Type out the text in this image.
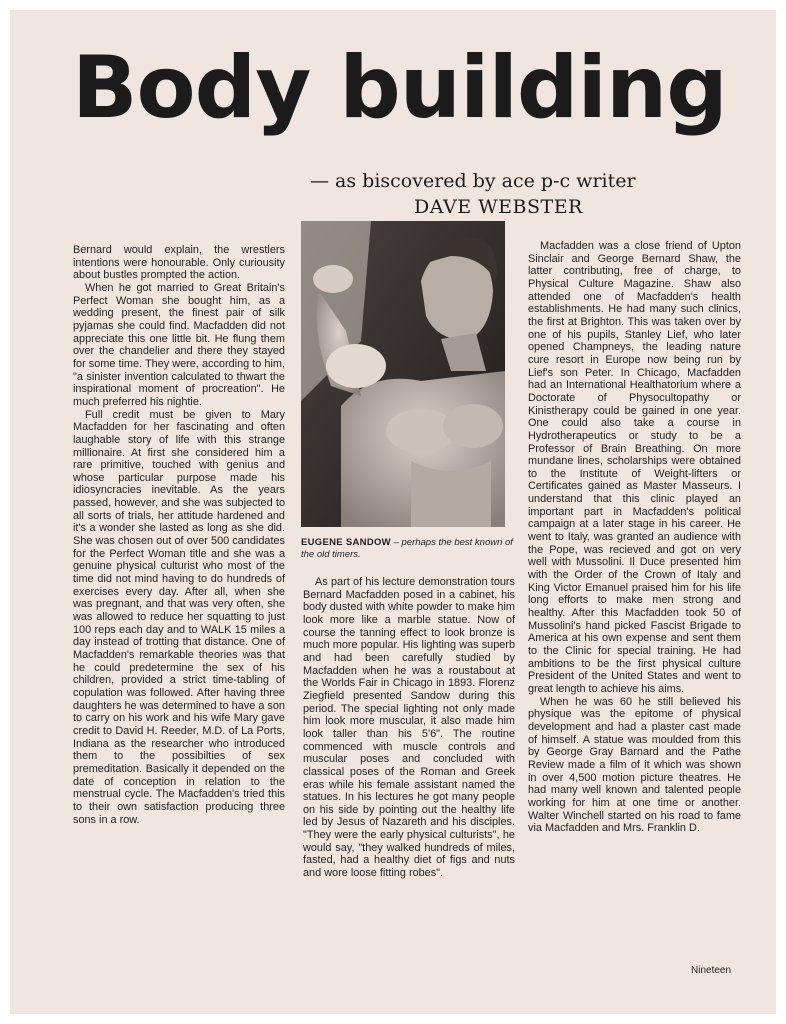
Body building
— as biscovered by ace p-c writer
DAVE WEBSTER

Bernard would explain, the wrestlers intentions were honourable. Only curiousity about bustles prompted the action.

When he got married to Great Britain's Perfect Woman she bought him, as a wedding present, the finest pair of silk pyjamas she could find. Macfadden did not appreciate this one little bit. He flung them over the chandelier and there they stayed for some time. They were, according to him, "a sinister invention calculated to thwart the inspirational moment of procreation". He much preferred his nightie.

Full credit must be given to Mary Macfadden for her fascinating and often laughable story of life with this strange millionaire. At first she considered him a rare primitive, touched with genius and whose particular purpose made his idiosyncracies inevitable. As the years passed, however, and she was subjected to all sorts of trials, her attitude hardened and it's a wonder she lasted as long as she did. She was chosen out of over 500 candidates for the Perfect Woman title and she was a genuine physical culturist who most of the time did not mind having to do hundreds of exercises every day. After all, when she was pregnant, and that was very often, she was allowed to reduce her squatting to just 100 reps each day and to WALK 15 miles a day instead of trotting that distance. One of Macfadden's remarkable theories was that he could predetermine the sex of his children, provided a strict time-tabling of copulation was followed. After having three daughters he was determined to have a son to carry on his work and his wife Mary gave credit to David H. Reeder, M.D. of La Ports, Indiana as the researcher who introduced them to the possibilties of sex premeditation. Basically it depended on the date of conception in relation to the menstrual cycle. The Macfadden's tried this to their own satisfaction producing three sons in a row.

EUGENE SANDOW – perhaps the best known of the old timers.

As part of his lecture demonstration tours Bernard Macfadden posed in a cabinet, his body dusted with white powder to make him look more like a marble statue. Now of course the tanning effect to look bronze is much more popular. His lighting was superb and had been carefully studied by Macfadden when he was a roustabout at the Worlds Fair in Chicago in 1893. Florenz Ziegfield presented Sandow during this period. The special lighting not only made him look more muscular, it also made him look taller than his 5'6". The routine commenced with muscle controls and muscular poses and concluded with classical poses of the Roman and Greek eras while his female assistant named the statues. In his lectures he got many people on his side by pointing out the healthy life led by Jesus of Nazareth and his disciples. "They were the early physical culturists", he would say, "they walked hundreds of miles, fasted, had a healthy diet of figs and nuts and wore loose fitting robes".

Macfadden was a close friend of Upton Sinclair and George Bernard Shaw, the latter contributing, free of charge, to Physical Culture Magazine. Shaw also attended one of Macfadden's health establishments. He had many such clinics, the first at Brighton. This was taken over by one of his pupils, Stanley Lief, who later opened Champneys, the leading nature cure resort in Europe now being run by Lief's son Peter. In Chicago, Macfadden had an International Healthatorium where a Doctorate of Physocultopathy or Kinistherapy could be gained in one year. One could also take a course in Hydrotherapeutics or study to be a Professor of Brain Breathing. On more mundane lines, scholarships were obtained to the Institute of Weight-lifters or Certificates gained as Master Masseurs. I understand that this clinic played an important part in Macfadden's political campaign at a later stage in his career. He went to Italy, was granted an audience with the Pope, was recieved and got on very well with Mussolini. Il Duce presented him with the Order of the Crown of Italy and King Victor Emanuel praised him for his life long efforts to make men strong and healthy. After this Macfadden took 50 of Mussolini's hand picked Fascist Brigade to America at his own expense and sent them to the Clinic for special training. He had ambitions to be the first physical culture President of the United States and went to great length to achieve his aims.

When he was 60 he still believed his physique was the epitome of physical development and had a plaster cast made of himself. A statue was moulded from this by George Gray Barnard and the Pathe Review made a film of it which was shown in over 4,500 motion picture theatres. He had many well known and talented people working for him at one time or another. Walter Winchell started on his road to fame via Macfadden and Mrs. Franklin D.

Nineteen
